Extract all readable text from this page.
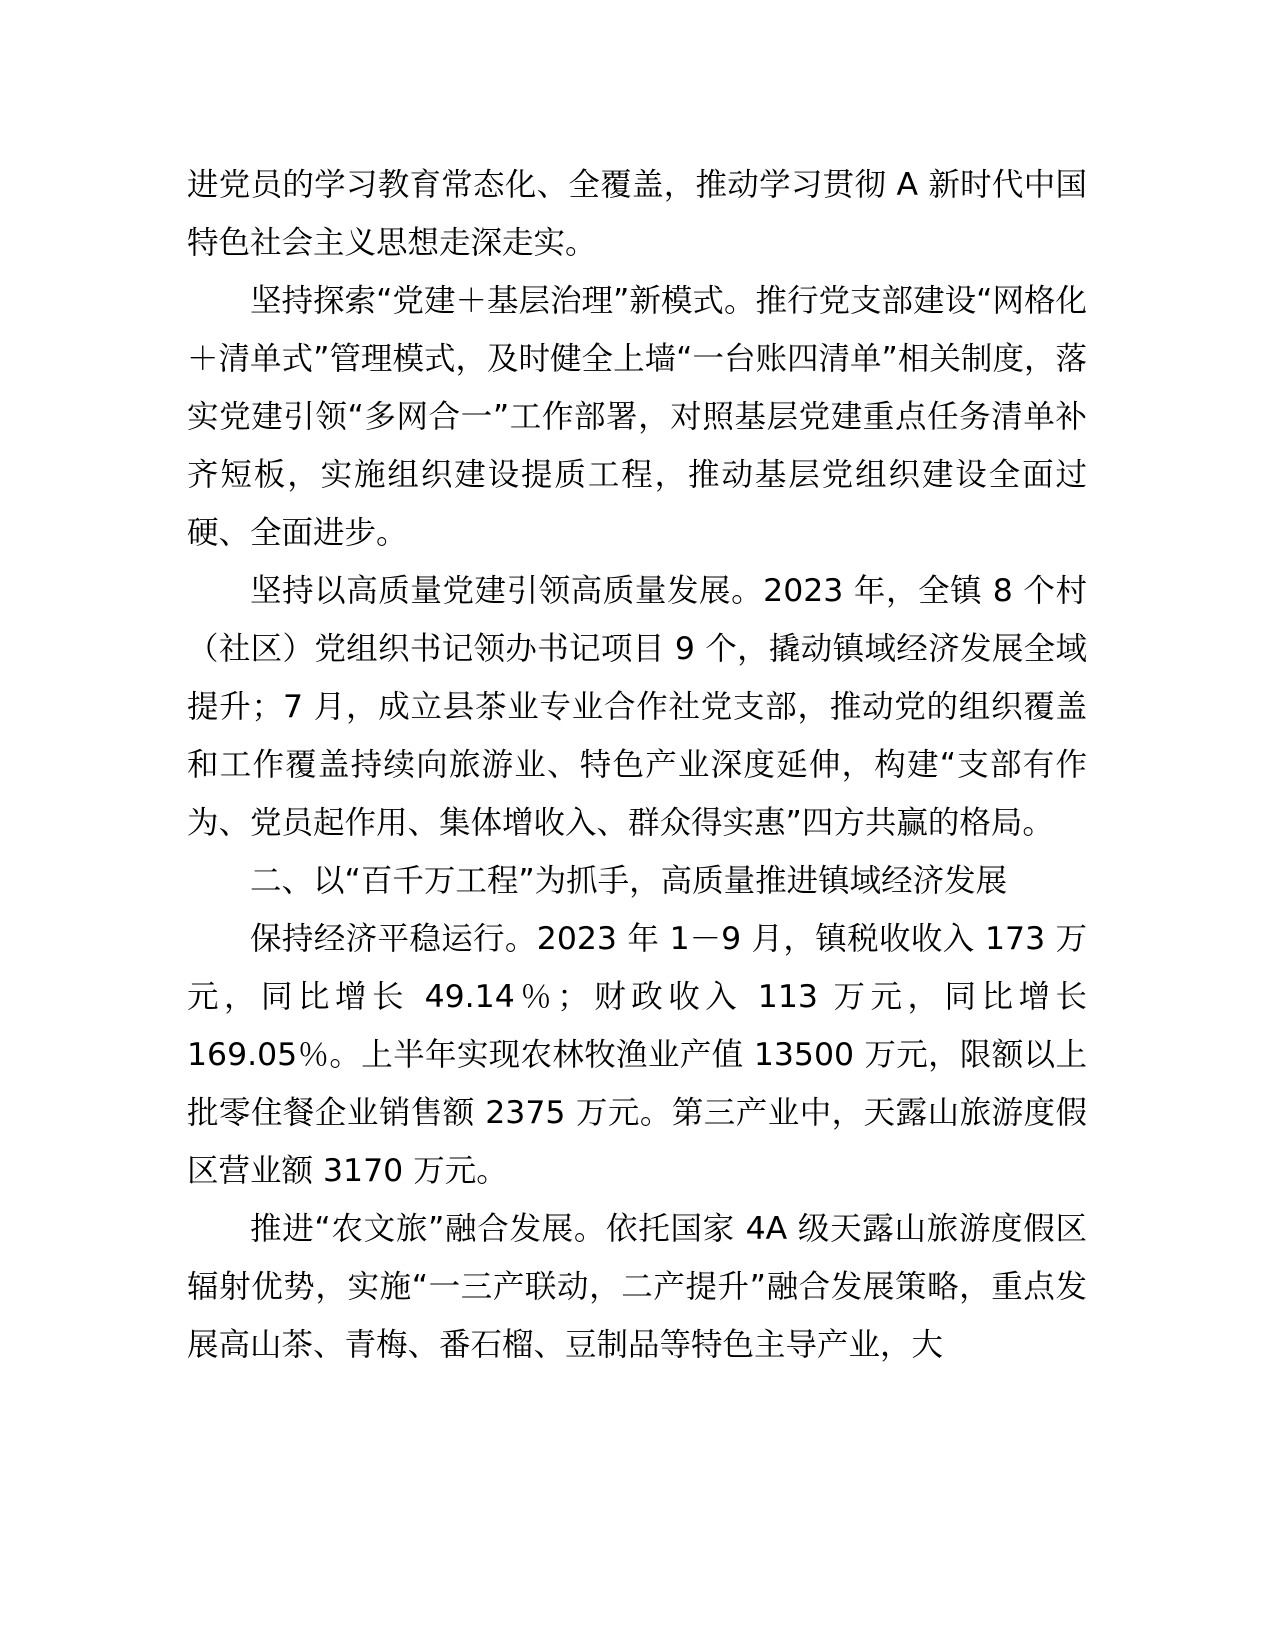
进党员的学习教育常态化、全覆盖，推动学习贯彻 A 新时代中国特色社会主义思想走深走实。

坚持探索“党建＋基层治理”新模式。推行党支部建设“网格化＋清单式”管理模式，及时健全上墙“一台账四清单”相关制度，落实党建引领“多网合一”工作部署，对照基层党建重点任务清单补齐短板，实施组织建设提质工程，推动基层党组织建设全面过硬、全面进步。

坚持以高质量党建引领高质量发展。2023 年，全镇 8 个村（社区）党组织书记领办书记项目 9 个，撬动镇域经济发展全域提升；7 月，成立县茶业专业合作社党支部，推动党的组织覆盖和工作覆盖持续向旅游业、特色产业深度延伸，构建“支部有作为、党员起作用、集体增收入、群众得实惠”四方共赢的格局。

二、以“百千万工程”为抓手，高质量推进镇域经济发展

保持经济平稳运行。2023 年 1－9 月，镇税收收入 173 万元，同比增长 49.14％；财政收入 113 万元，同比增长 169.05％。上半年实现农林牧渔业产值 13500 万元，限额以上批零住餐企业销售额 2375 万元。第三产业中，天露山旅游度假区营业额 3170 万元。

推进“农文旅”融合发展。依托国家 4A 级天露山旅游度假区辐射优势，实施“一三产联动，二产提升”融合发展策略，重点发展高山茶、青梅、番石榴、豆制品等特色主导产业，大
